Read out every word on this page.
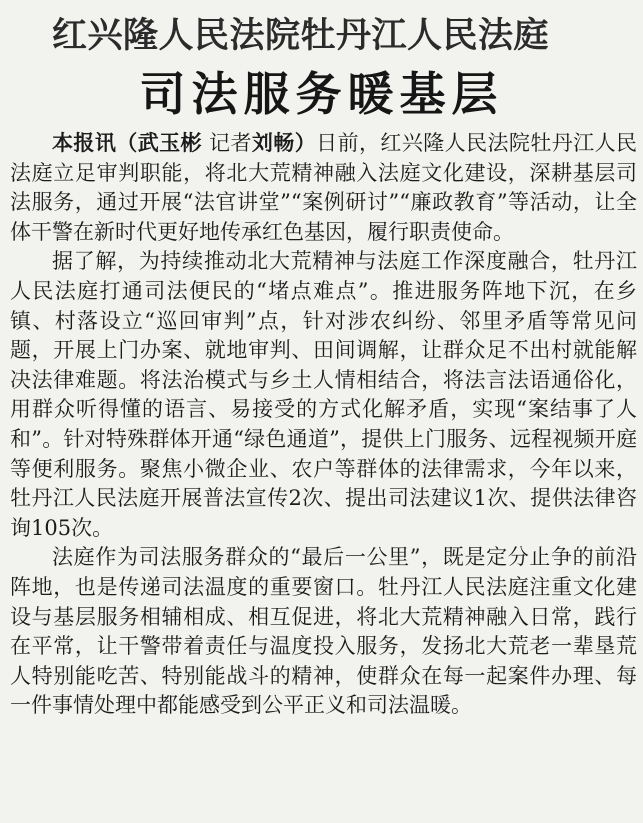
红兴隆人民法院牡丹江人民法庭
司法服务暖基层

本报讯（武玉彬 记者刘畅）日前，红兴隆人民法院牡丹江人民法庭立足审判职能，将北大荒精神融入法庭文化建设，深耕基层司法服务，通过开展“法官讲堂”“案例研讨”“廉政教育”等活动，让全体干警在新时代更好地传承红色基因，履行职责使命。

据了解，为持续推动北大荒精神与法庭工作深度融合，牡丹江人民法庭打通司法便民的“堵点难点”。推进服务阵地下沉，在乡镇、村落设立“巡回审判”点，针对涉农纠纷、邻里矛盾等常见问题，开展上门办案、就地审判、田间调解，让群众足不出村就能解决法律难题。将法治模式与乡土人情相结合，将法言法语通俗化，用群众听得懂的语言、易接受的方式化解矛盾，实现“案结事了人和”。针对特殊群体开通“绿色通道”，提供上门服务、远程视频开庭等便利服务。聚焦小微企业、农户等群体的法律需求，今年以来，牡丹江人民法庭开展普法宣传2次、提出司法建议1次、提供法律咨询105次。

法庭作为司法服务群众的“最后一公里”，既是定分止争的前沿阵地，也是传递司法温度的重要窗口。牡丹江人民法庭注重文化建设与基层服务相辅相成、相互促进，将北大荒精神融入日常，践行在平常，让干警带着责任与温度投入服务，发扬北大荒老一辈垦荒人特别能吃苦、特别能战斗的精神，使群众在每一起案件办理、每一件事情处理中都能感受到公平正义和司法温暖。
